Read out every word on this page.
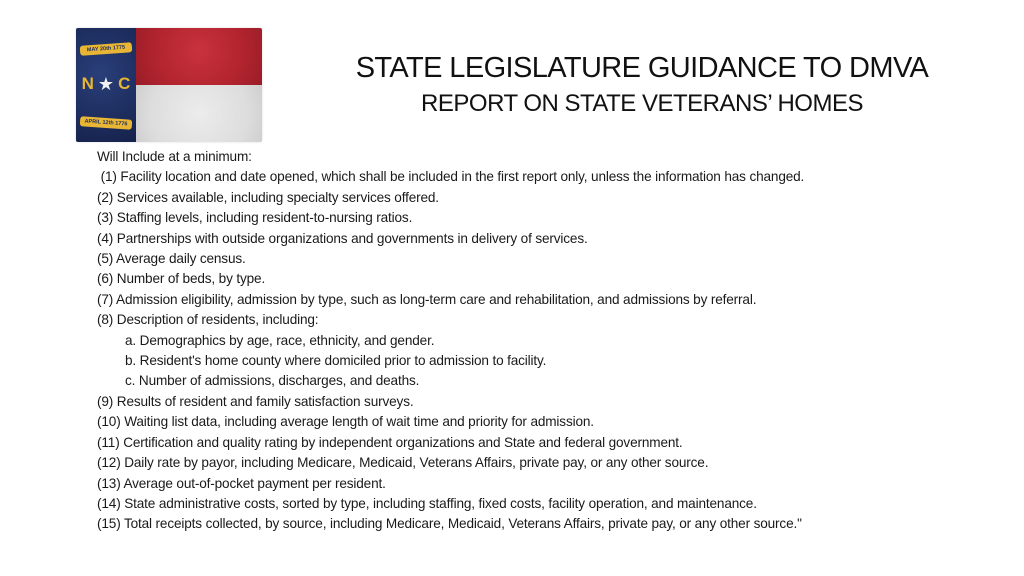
MAY 20th 1775
N ★ C
APRIL 12th 1776
STATE LEGISLATURE GUIDANCE TO DMVA
REPORT ON STATE VETERANS’ HOMES
Will Include at a minimum:
(1) Facility location and date opened, which shall be included in the first report only, unless the information has changed.
(2) Services available, including specialty services offered.
(3) Staffing levels, including resident-to-nursing ratios.
(4) Partnerships with outside organizations and governments in delivery of services.
(5) Average daily census.
(6) Number of beds, by type.
(7) Admission eligibility, admission by type, such as long-term care and rehabilitation, and admissions by referral.
(8) Description of residents, including:
a. Demographics by age, race, ethnicity, and gender.
b. Resident's home county where domiciled prior to admission to facility.
c. Number of admissions, discharges, and deaths.
(9) Results of resident and family satisfaction surveys.
(10) Waiting list data, including average length of wait time and priority for admission.
(11) Certification and quality rating by independent organizations and State and federal government.
(12) Daily rate by payor, including Medicare, Medicaid, Veterans Affairs, private pay, or any other source.
(13) Average out-of-pocket payment per resident.
(14) State administrative costs, sorted by type, including staffing, fixed costs, facility operation, and maintenance.
(15) Total receipts collected, by source, including Medicare, Medicaid, Veterans Affairs, private pay, or any other source."
